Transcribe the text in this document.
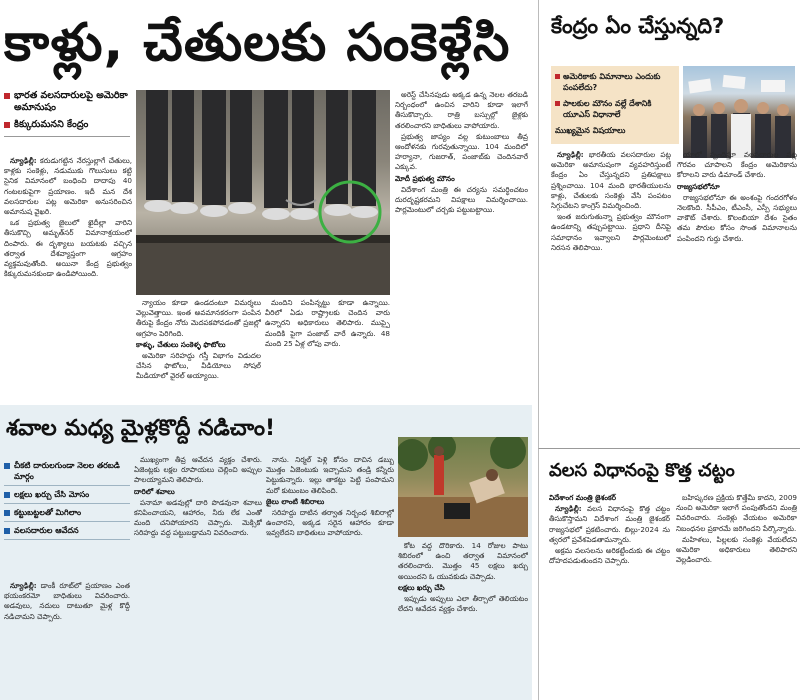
కాళ్లు, చేతులకు సంకెళ్లేసి
భారత వలసదారులపై అమెరికా అమానుషం
కిక్కురుమనని కేంద్రం

న్యూఢిల్లీ: కరుడుగట్టిన నేరస్తుల్లాగే చేతులు, కాళ్లకు సంకెళ్లు, నడుముకు గొలుసులు కట్టి సైనిక విమానంలో బంధించి దాదాపు 40 గంటలకుపైగా ప్రయాణం. ఇదీ మన దేశ వలసదారుల పట్ల అమెరికా అనుసరించిన అమానుష వైఖరి.

ఒక ప్రభుత్వ జైలులో ఖైదీల్లా వారిని తీసుకొచ్చి అమృత్‌సర్ విమానాశ్రయంలో దింపారు. ఈ దృశ్యాలు బయటకు వచ్చిన తర్వాత దేశవ్యాప్తంగా ఆగ్రహం వ్యక్తమవుతోంది. అయినా కేంద్ర ప్రభుత్వం కిక్కురుమనకుండా ఉండిపోయింది.

అరెస్ట్ చేసినపుడు అక్కడ ఉన్న నెలల తరబడి నిర్బంధంలో ఉంచిన వారిని కూడా ఇలాగే తీసుకొచ్చారు. రాత్రి బస్సుల్లో జైళ్లకు తరలించారని బాధితులు వాపోయారు.

ప్రభుత్వ జాప్యం వల్ల కుటుంబాలు తీవ్ర ఆందోళనకు గురవుతున్నాయి. 104 మందిలో హర్యానా, గుజరాత్, పంజాబ్‌కు చెందినవారే ఎక్కువ.

మోదీ ప్రభుత్వ మౌనం

విదేశాంగ మంత్రి ఈ చర్యను సమర్థించటం దురదృష్టకరమని విపక్షాలు విమర్శించాయి. పార్లమెంటులో చర్చకు పట్టుబట్టాయి.

న్యాయం కూడా ఉండదంటూ విమర్శలు వెల్లువెత్తాయి. ఇంత అవమానకరంగా పంపిన తీరుపై కేంద్రం నోరు మెదపకపోవడంతో ప్రజల్లో ఆగ్రహం పెరిగింది.

కాళ్ళు, చేతులు సంకెళ్ళ ఫొటోలు

అమెరికా సరిహద్దు గస్తీ విభాగం విడుదల చేసిన ఫొటోలు, వీడియోలు సోషల్ మీడియాలో వైరల్ అయ్యాయి.

మందిని పంపిన్నట్టు కూడా ఉన్నాయి. వీరిలో ఏడు రాష్ట్రాలకు చెందిన వారు ఉన్నారని అధికారులు తెలిపారు. ముప్పై మందికి పైగా పంజాబ్ వారే ఉన్నారు. 48 మంది 25 ఏళ్ల లోపు వారు.

కేంద్రం ఏం చేస్తున్నది?
అమెరికాకు విమానాలు ఎందుకు పంపలేదు?
పాలకుల మౌనం వల్లే దేశానికి యూఎస్‌ విధానాలే
ముఖ్యమైన విషయాలు

న్యూఢిల్లీ: భారతీయ వలసదారుల పట్ల అమెరికా అమానుషంగా వ్యవహరిస్తుంటే కేంద్రం ఏం చేస్తున్నదని ప్రతిపక్షాలు ప్రశ్నించాయి. 104 మంది భారతీయులను కాళ్లు, చేతులకు సంకెళ్లు వేసి పంపటం సిగ్గుచేటని కాంగ్రెస్ విమర్శించింది.

ఇంత జరుగుతున్నా ప్రభుత్వం మౌనంగా ఉండటాన్ని తప్పుపట్టాయి. ప్రధాని దీనిపై సమాధానం ఇవ్వాలని పార్లమెంటులో నిరసన తెలిపాయి.

యాలో స్పందిస్తూ వలసదారుల పట్ల గౌరవం చూపాలని కేంద్రం అమెరికాను కోరాలని వారు డిమాండ్ చేశారు.

రాజ్యసభలోనూ

రాజ్యసభలోనూ ఈ అంశంపై గందరగోళం నెలకొంది. సీపీఎం, టీఎంసీ, ఎస్పీ సభ్యులు వాకౌట్ చేశారు. కొలంబియా దేశం సైతం తమ పౌరుల కోసం సొంత విమానాలను పంపిందని గుర్తు చేశారు.

శవాల మధ్య మైళ్లకొద్దీ నడిచాం!
చీకటి దారులగుండా నెలల తరబడి మార్గం
లక్షలు ఖర్చు చేసి మోసం
కట్టుబట్టలతో మిగిలాం
వలసదారుల ఆవేదన

న్యూఢిల్లీ: డాంకీ రూట్‌లో ప్రయాణం ఎంత భయంకరమో బాధితులు వివరించారు. అడవులు, నదులు దాటుతూ మైళ్ల కొద్దీ నడిచామని చెప్పారు.

ముఖ్యంగా తీవ్ర ఆవేదన వ్యక్తం చేశారు. ఏజెంట్లకు లక్షల రూపాయలు చెల్లించి అప్పుల పాలయ్యామని తెలిపారు.

దారిలో శవాలు

పనామా అడవుల్లో దారి పొడవునా శవాలు కనిపించాయని, ఆహారం, నీరు లేక ఎంతో మంది చనిపోయారని చెప్పారు. మెక్సికో సరిహద్దు వద్ద పట్టుబడ్డామని వివరించారు.

నాను. నిర్మల్ పెళ్లి కోసం దాచిన డబ్బు మొత్తం ఏజెంటుకు ఇచ్చామని తండ్రి కన్నీరు పెట్టుకున్నారు. ఇల్లు తాకట్టు పెట్టి పంపామని మరో కుటుంబం తెలిపింది.

జైలు లాంటి శిబిరాలు

సరిహద్దు దాటిన తర్వాత నిర్బంధ శిబిరాల్లో ఉంచారని, అక్కడ సరైన ఆహారం కూడా ఇవ్వలేదని బాధితులు వాపోయారు.

కోట వద్ద దొరికారు. 14 రోజుల పాటు శిబిరంలో ఉంచి తర్వాత విమానంలో తరలించారు. మొత్తం 45 లక్షలు ఖర్చు అయిందని ఓ యువకుడు చెప్పాడు.

లక్షలు ఖర్చు చేసి

ఇప్పుడు అప్పులు ఎలా తీర్చాలో తెలియటం లేదని ఆవేదన వ్యక్తం చేశారు.

వలస విధానంపై కొత్త చట్టం

విదేశాంగ మంత్రి జైశంకర్

న్యూఢిల్లీ: వలస విధానంపై కొత్త చట్టం తీసుకొస్తామని విదేశాంగ మంత్రి జైశంకర్ రాజ్యసభలో ప్రకటించారు. బిల్లు-2024 ను త్వరలో ప్రవేశపెడతామన్నారు.

అక్రమ వలసలను అరికట్టేందుకు ఈ చట్టం దోహదపడుతుందని చెప్పారు.

బహిష్కరణ ప్రక్రియ కొత్తేమీ కాదని, 2009 నుంచి అమెరికా ఇలాగే పంపుతోందని మంత్రి వివరించారు. సంకెళ్లు వేయటం అమెరికా నిబంధనల ప్రకారమే జరిగిందని పేర్కొన్నారు.

మహిళలు, పిల్లలకు సంకెళ్లు వేయలేదని అమెరికా అధికారులు తెలిపారని వెల్లడించారు.
